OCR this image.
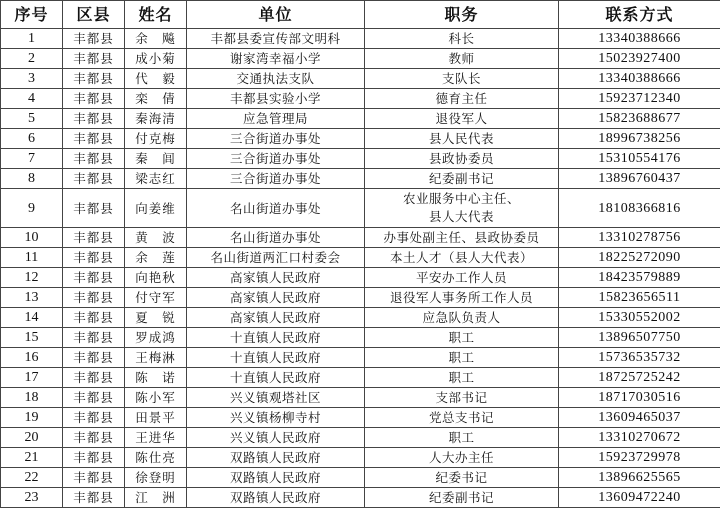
序号	区县	姓名	单位	职务	联系方式
1	丰都县	余　飚	丰都县委宣传部文明科	科长	13340388666
2	丰都县	成小菊	谢家湾幸福小学	教师	15023927400
3	丰都县	代　毅	交通执法支队	支队长	13340388666
4	丰都县	栾　倩	丰都县实验小学	德育主任	15923712340
5	丰都县	秦海清	应急管理局	退役军人	15823688677
6	丰都县	付克梅	三合街道办事处	县人民代表	18996738256
7	丰都县	秦　闾	三合街道办事处	县政协委员	15310554176
8	丰都县	梁志红	三合街道办事处	纪委副书记	13896760437
9	丰都县	向姜维	名山街道办事处	农业服务中心主任、
县人大代表	18108366816
10	丰都县	黄　波	名山街道办事处	办事处副主任、县政协委员	13310278756
11	丰都县	余　莲	名山街道两汇口村委会	本土人才（县人大代表）	18225272090
12	丰都县	向艳秋	高家镇人民政府	平安办工作人员	18423579889
13	丰都县	付守军	高家镇人民政府	退役军人事务所工作人员	15823656511
14	丰都县	夏　锐	高家镇人民政府	应急队负责人	15330552002
15	丰都县	罗成鸿	十直镇人民政府	职工	13896507750
16	丰都县	王梅淋	十直镇人民政府	职工	15736535732
17	丰都县	陈　诺	十直镇人民政府	职工	18725725242
18	丰都县	陈小军	兴义镇观塔社区	支部书记	18717030516
19	丰都县	田景平	兴义镇杨柳寺村	党总支书记	13609465037
20	丰都县	王进华	兴义镇人民政府	职工	13310270672
21	丰都县	陈仕亮	双路镇人民政府	人大办主任	15923729978
22	丰都县	徐登明	双路镇人民政府	纪委书记	13896625565
23	丰都县	江　洲	双路镇人民政府	纪委副书记	13609472240
